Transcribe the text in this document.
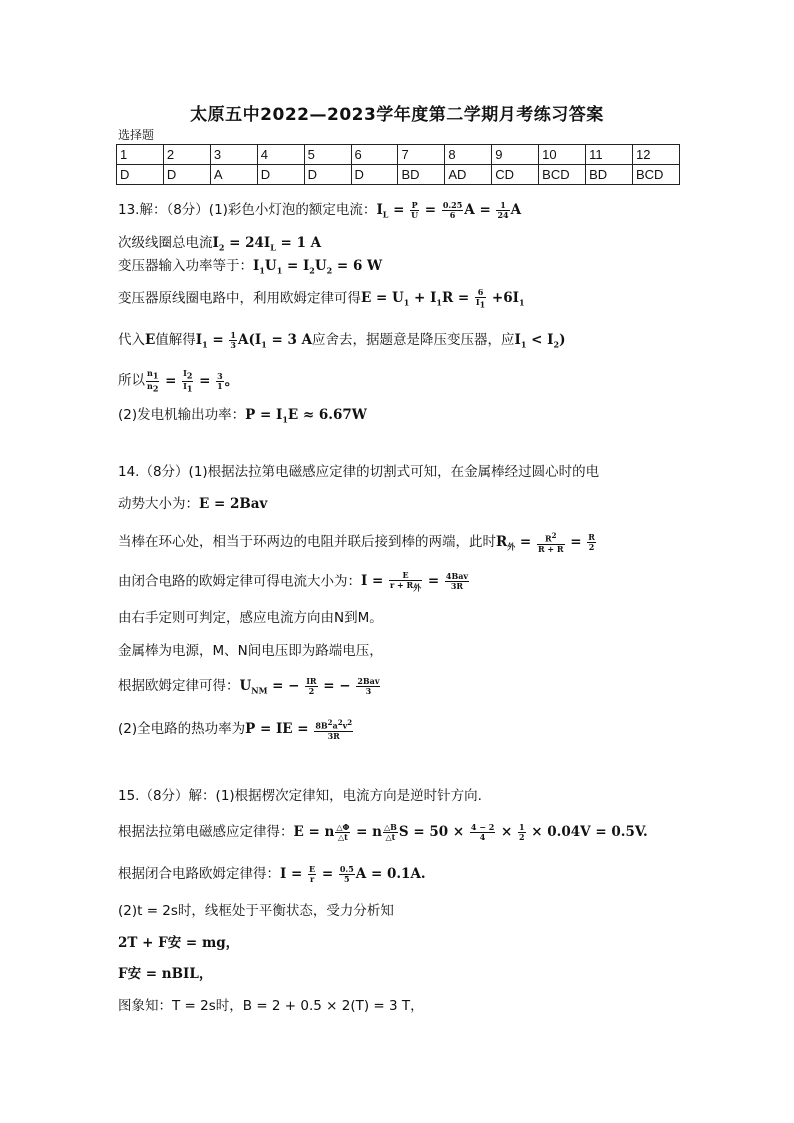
太原五中2022—2023学年度第二学期月考练习答案
选择题
1	2	3	4	5	6	7	8	9	10	11	12
D	D	A	D	D	D	BD	AD	CD	BCD	BD	BCD
13.解：（8分）(1)彩色小灯泡的额定电流：$I_L = \frac{P}{U} = \frac{0.25}{6}$ $A = \frac{1}{24}$ A
次级线圈总电流$I_2 = 24I_L = 1$ A
变压器输入功率等于：$I_1U_1 = I_2U_2 = 6$ W
变压器原线圈电路中，利用欧姆定律可得$E = U_1 + I_1R = \frac{6}{I_1} +6I_1$
代入E值解得$I_1 = \frac{1}{3} A(I_1 = 3$ A应舍去，据题意是降压变压器，应$I_1 < I_2$)
所以 $\frac{n_1}{n_2} = \frac{I_2}{I_1} = \frac{3}{1}$ 。
(2)发电机输出功率：$P = I_1E \approx 6.67W$
14.（8分）(1)根据法拉第电磁感应定律的切割式可知，在金属棒经过圆心时的电
动势大小为：E = 2Bav
当棒在环心处，相当于环两边的电阻并联后接到棒的两端，此时$R_外 = \frac{R^2}{R + R} = \frac{R}{2}$
由闭合电路的欧姆定律可得电流大小为：$I = \frac{E}{r + R_外} = \frac{\text{4Bav}}{3R}$
由右手定则可判定，感应电流方向由N到M。
金属棒为电源，M、N间电压即为路端电压，
根据欧姆定律可得：$U_{NM}$ = − $\frac{IR}{2}$ = − $\frac{\text{2Bav}}{3}$
(2)全电路的热功率为P = IE = $\frac{8B^2a^2v^2}{3R}$
15.（8分）解：(1)根据楞次定律知，电流方向是逆时针方向.
根据法拉第电磁感应定律得：E = n $\frac{\triangle\Phi}{\triangle t} = n \frac{\triangle B}{\triangle t}$ $S = 50 \times \frac{4 - 2}{4} \times \frac{1}{2} \times 0.04V = 0.5V$.
根据闭合电路欧姆定律得：$I = \frac{E}{r} = \frac{0.5}{5}$ A = 0.1A.
(2)t = 2s时，线框处于平衡状态，受力分析知
2T + F安 = mg，
F安 = nBIL，
图象知：T = 2s时，B = 2 + 0.5 × 2(T) = 3 T，
